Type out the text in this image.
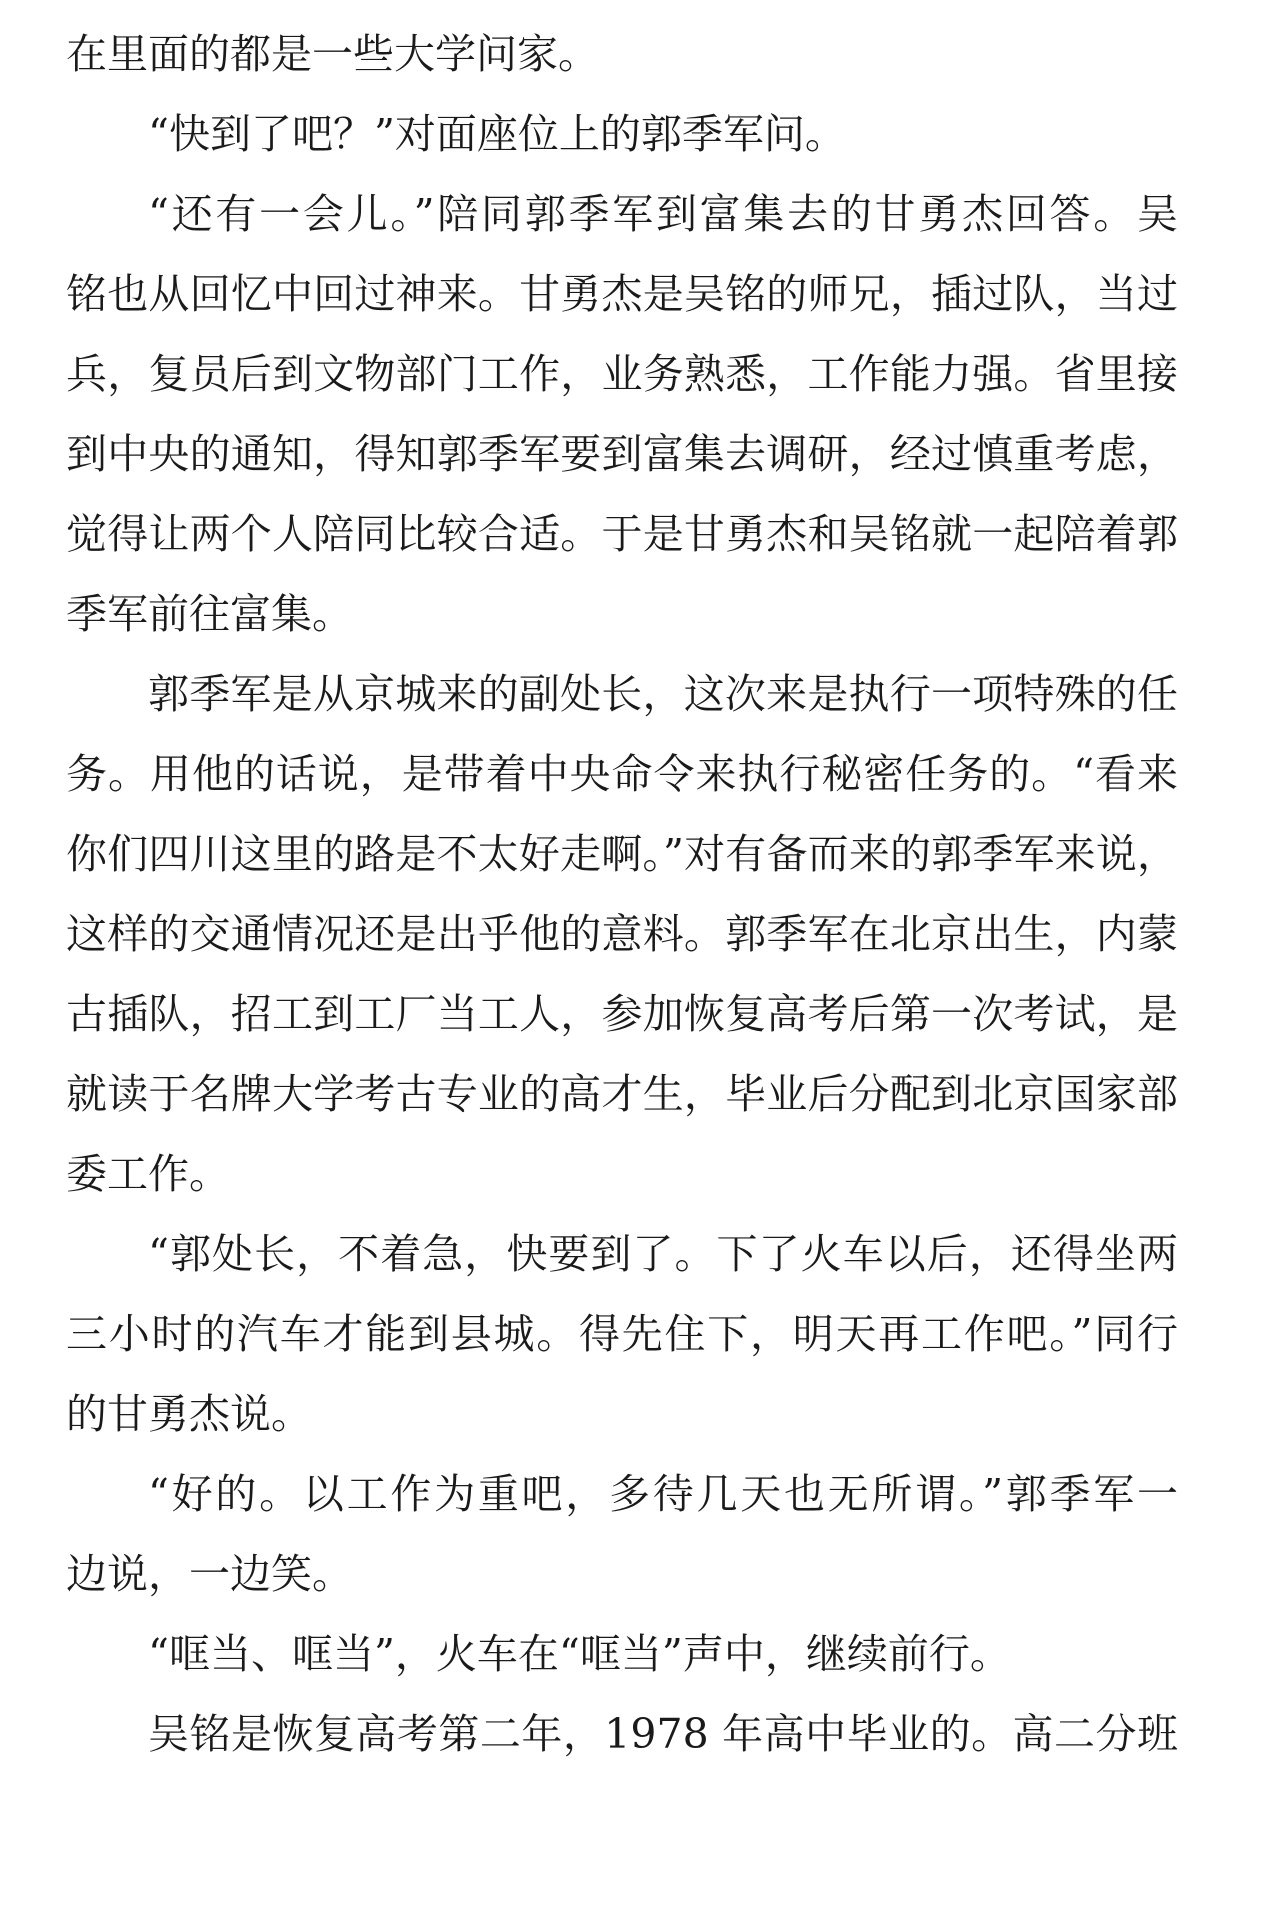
在里面的都是一些大学问家。
“快到了吧？”对面座位上的郭季军问。
“还有一会儿。”陪同郭季军到富集去的甘勇杰回答。吴
铭也从回忆中回过神来。甘勇杰是吴铭的师兄，插过队，当过
兵，复员后到文物部门工作，业务熟悉，工作能力强。省里接
到中央的通知，得知郭季军要到富集去调研，经过慎重考虑，
觉得让两个人陪同比较合适。于是甘勇杰和吴铭就一起陪着郭
季军前往富集。
郭季军是从京城来的副处长，这次来是执行一项特殊的任
务。用他的话说，是带着中央命令来执行秘密任务的。“看来
你们四川这里的路是不太好走啊。”对有备而来的郭季军来说，
这样的交通情况还是出乎他的意料。郭季军在北京出生，内蒙
古插队，招工到工厂当工人，参加恢复高考后第一次考试，是
就读于名牌大学考古专业的高才生，毕业后分配到北京国家部
委工作。
“郭处长，不着急，快要到了。下了火车以后，还得坐两
三小时的汽车才能到县城。得先住下，明天再工作吧。”同行
的甘勇杰说。
“好的。以工作为重吧，多待几天也无所谓。”郭季军一
边说，一边笑。
“哐当、哐当”，火车在“哐当”声中，继续前行。
吴铭是恢复高考第二年，1978 年高中毕业的。高二分班
